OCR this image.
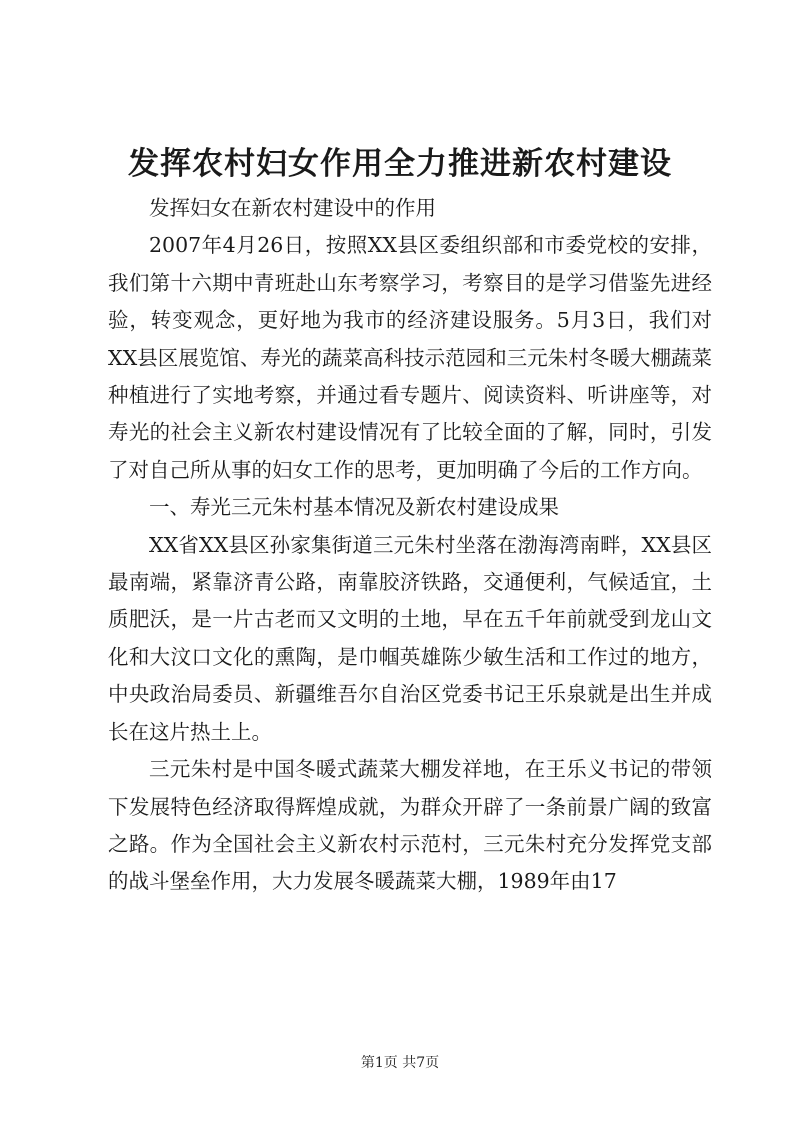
发挥农村妇女作用全力推进新农村建设

发挥妇女在新农村建设中的作用

2007年4月26日，按照XX县区委组织部和市委党校的安排，我们第十六期中青班赴山东考察学习，考察目的是学习借鉴先进经验，转变观念，更好地为我市的经济建设服务。5月3日，我们对XX县区展览馆、寿光的蔬菜高科技示范园和三元朱村冬暖大棚蔬菜种植进行了实地考察，并通过看专题片、阅读资料、听讲座等，对寿光的社会主义新农村建设情况有了比较全面的了解，同时，引发了对自己所从事的妇女工作的思考，更加明确了今后的工作方向。

一、寿光三元朱村基本情况及新农村建设成果

XX省XX县区孙家集街道三元朱村坐落在渤海湾南畔，XX县区最南端，紧靠济青公路，南靠胶济铁路，交通便利，气候适宜，土质肥沃，是一片古老而又文明的土地，早在五千年前就受到龙山文化和大汶口文化的熏陶，是巾帼英雄陈少敏生活和工作过的地方，中央政治局委员、新疆维吾尔自治区党委书记王乐泉就是出生并成长在这片热土上。

三元朱村是中国冬暖式蔬菜大棚发祥地，在王乐义书记的带领下发展特色经济取得辉煌成就，为群众开辟了一条前景广阔的致富之路。作为全国社会主义新农村示范村，三元朱村充分发挥党支部的战斗堡垒作用，大力发展冬暖蔬菜大棚，1989年由17

第1页 共7页
